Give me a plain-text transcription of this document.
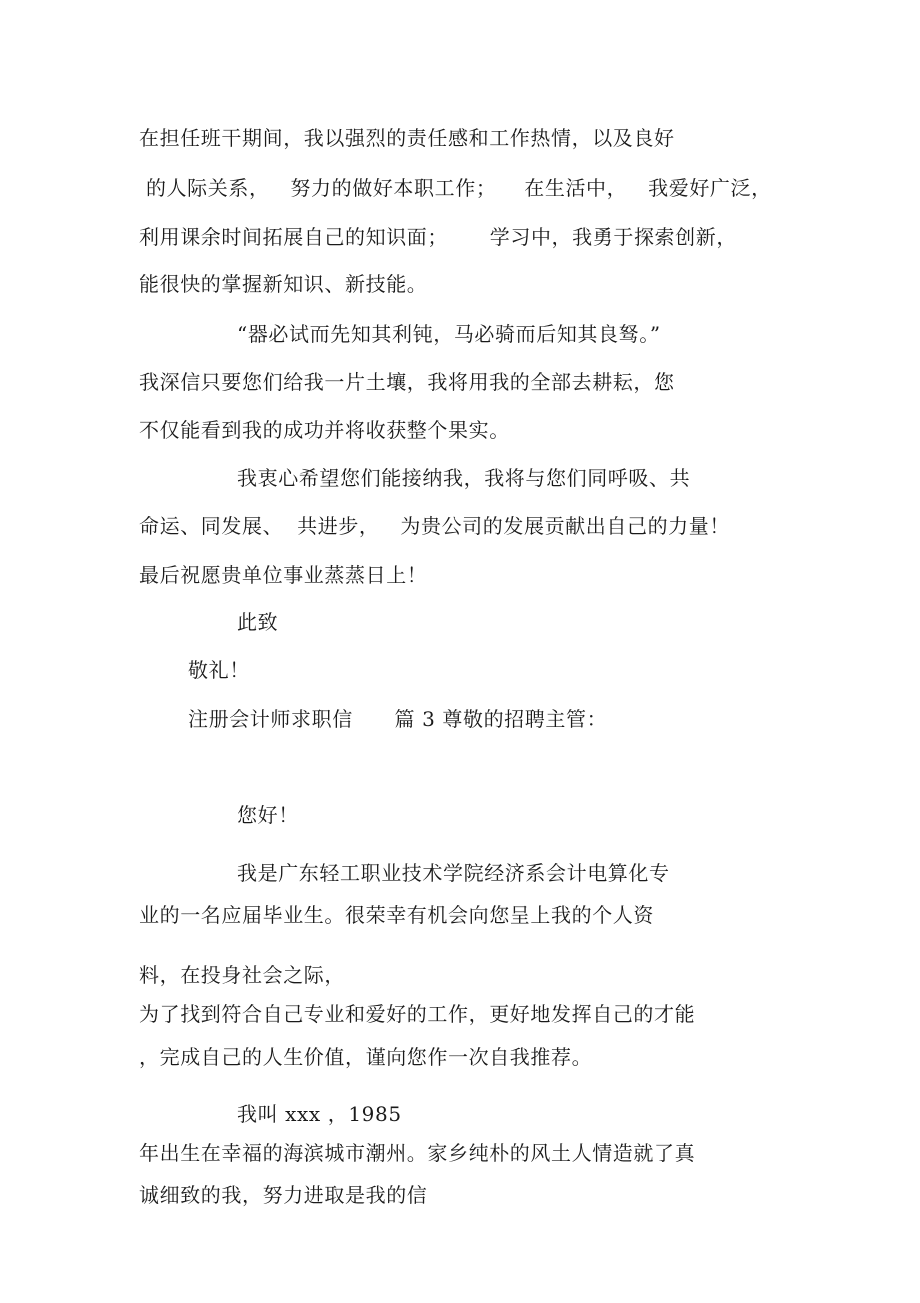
在担任班干期间，我以强烈的责任感和工作热情，以及良好
的人际关系，   努力的做好本职工作；    在生活中，   我爱好广泛，
利用课余时间拓展自己的知识面；      学习中，我勇于探索创新，
能很快的掌握新知识、新技能。
“器必试而先知其利钝，马必骑而后知其良驽。”
我深信只要您们给我一片土壤，我将用我的全部去耕耘，您
不仅能看到我的成功并将收获整个果实。
我衷心希望您们能接纳我，我将与您们同呼吸、共
命运、同发展、  共进步，   为贵公司的发展贡献出自己的力量！
最后祝愿贵单位事业蒸蒸日上！
此致
敬礼！
注册会计师求职信      篇 3 尊敬的招聘主管：
您好！
我是广东轻工职业技术学院经济系会计电算化专
业的一名应届毕业生。很荣幸有机会向您呈上我的个人资
料，在投身社会之际，
为了找到符合自己专业和爱好的工作，更好地发挥自己的才能
，完成自己的人生价值，谨向您作一次自我推荐。
我叫 xxx ，1985
年出生在幸福的海滨城市潮州。家乡纯朴的风土人情造就了真
诚细致的我，努力进取是我的信
